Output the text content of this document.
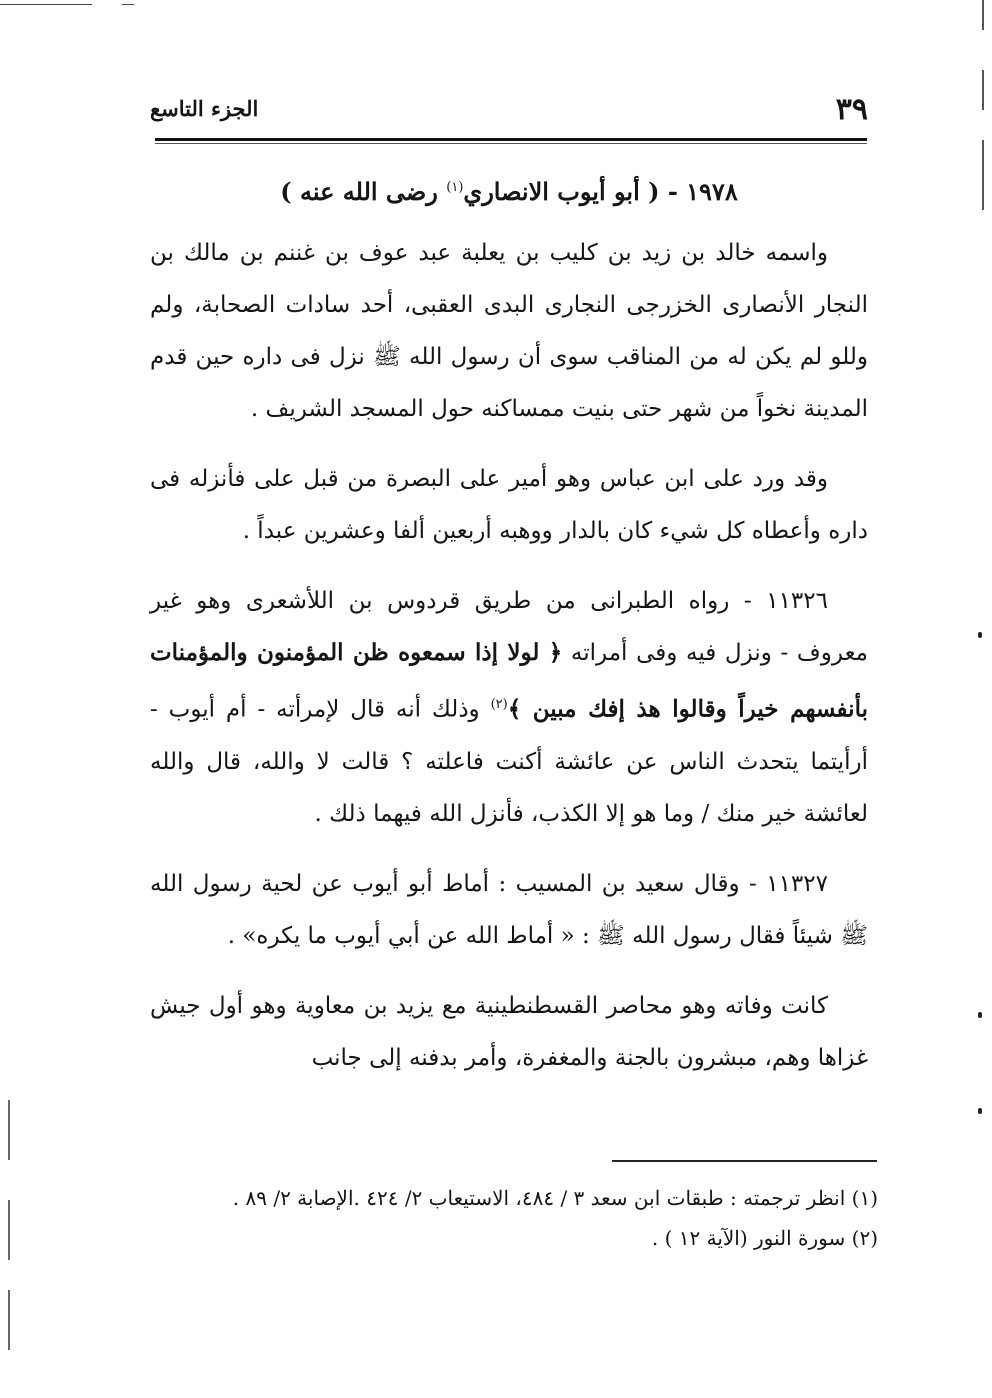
٣٩
الجزء التاسع
١٩٧٨ - ( أبو أيوب الانصاري$^{(١)}$ رضى الله عنه )

واسمه خالد بن زيد بن كليب بن يعلبة عبد عوف بن غننم بن مالك بن النجار الأنصارى الخزرجى النجارى البدى العقبى، أحد سادات الصحابة، ولم وللو لم يكن له من المناقب سوى أن رسول الله ﷺ نزل فى داره حين قدم المدينة نخواً من شهر حتى بنيت ممساكنه حول المسجد الشريف .

وقد ورد على ابن عباس وهو أمير على البصرة من قبل على فأنزله فى داره وأعطاه كل شيء كان بالدار ووهبه أربعين ألفا وعشرين عبداً .

١١٣٢٦ - رواه الطبرانى من طريق قردوس بن اللأشعرى وهو غير معروف - ونزل فيه وفى أمراته ﴿ لولا إذا سمعوه ظن المؤمنون والمؤمنات بأنفسهم خيراً وقالوا هذ إفك مبين ﴾$^{(٢)}$ وذلك أنه قال لإمرأته - أم أيوب - أرأيتما يتحدث الناس عن عائشة أكنت فاعلته ؟ قالت لا والله، قال والله لعائشة خير منك / وما هو إلا الكذب، فأنزل الله فيهما ذلك .

١١٣٢٧ - وقال سعيد بن المسيب : أماط أبو أيوب عن لحية رسول الله ﷺ شيئاً فقال رسول الله ﷺ : « أماط الله عن أبي أيوب ما يكره» .

كانت وفاته وهو محاصر القسطنطينية مع يزيد بن معاوية وهو أول جيش غزاها وهم، مبشرون بالجنة والمغفرة، وأمر بدفنه إلى جانب

(١) انظر ترجمته : طبقات ابن سعد ٣ / ٤٨٤، الاستيعاب ٢/ ٤٢٤ .الإصابة ٢/ ٨٩ .

(٢) سورة النور (الآية ١٢ ) .
